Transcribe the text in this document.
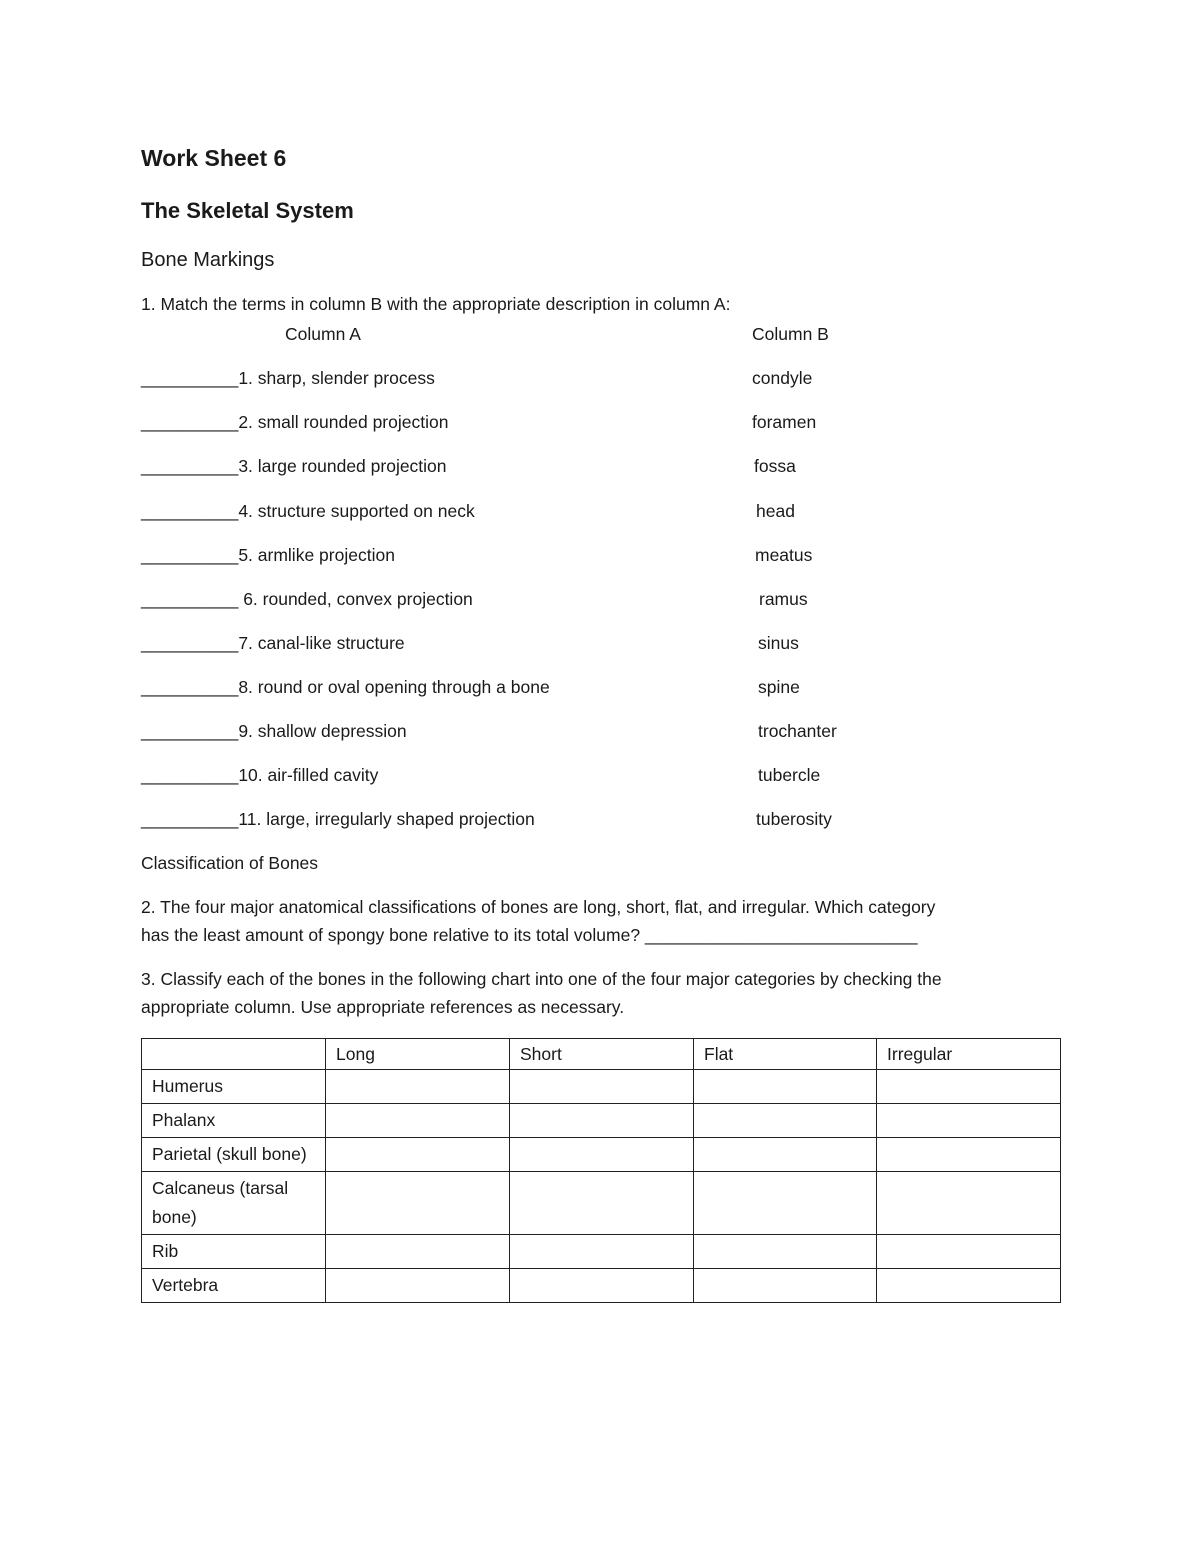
Work Sheet 6
The Skeletal System
Bone Markings
1. Match the terms in column B with the appropriate description in column A:
Column A	Column B
__________1. sharp, slender process	condyle
__________2. small rounded projection	foramen
__________3. large rounded projection	fossa
__________4. structure supported on neck	head
__________5. armlike projection	meatus
__________ 6. rounded, convex projection	ramus
__________7. canal-like structure	sinus
__________8. round or oval opening through a bone	spine
__________9. shallow depression	trochanter
__________10. air-filled cavity	tubercle
__________11. large, irregularly shaped projection	tuberosity
Classification of Bones
2. The four major anatomical classifications of bones are long, short, flat, and irregular. Which category
has the least amount of spongy bone relative to its total volume? ____________________________
3. Classify each of the bones in the following chart into one of the four major categories by checking the
appropriate column. Use appropriate references as necessary.
	Long	Short	Flat	Irregular
Humerus				
Phalanx				
Parietal (skull bone)				
Calcaneus (tarsal bone)				
Rib				
Vertebra				
